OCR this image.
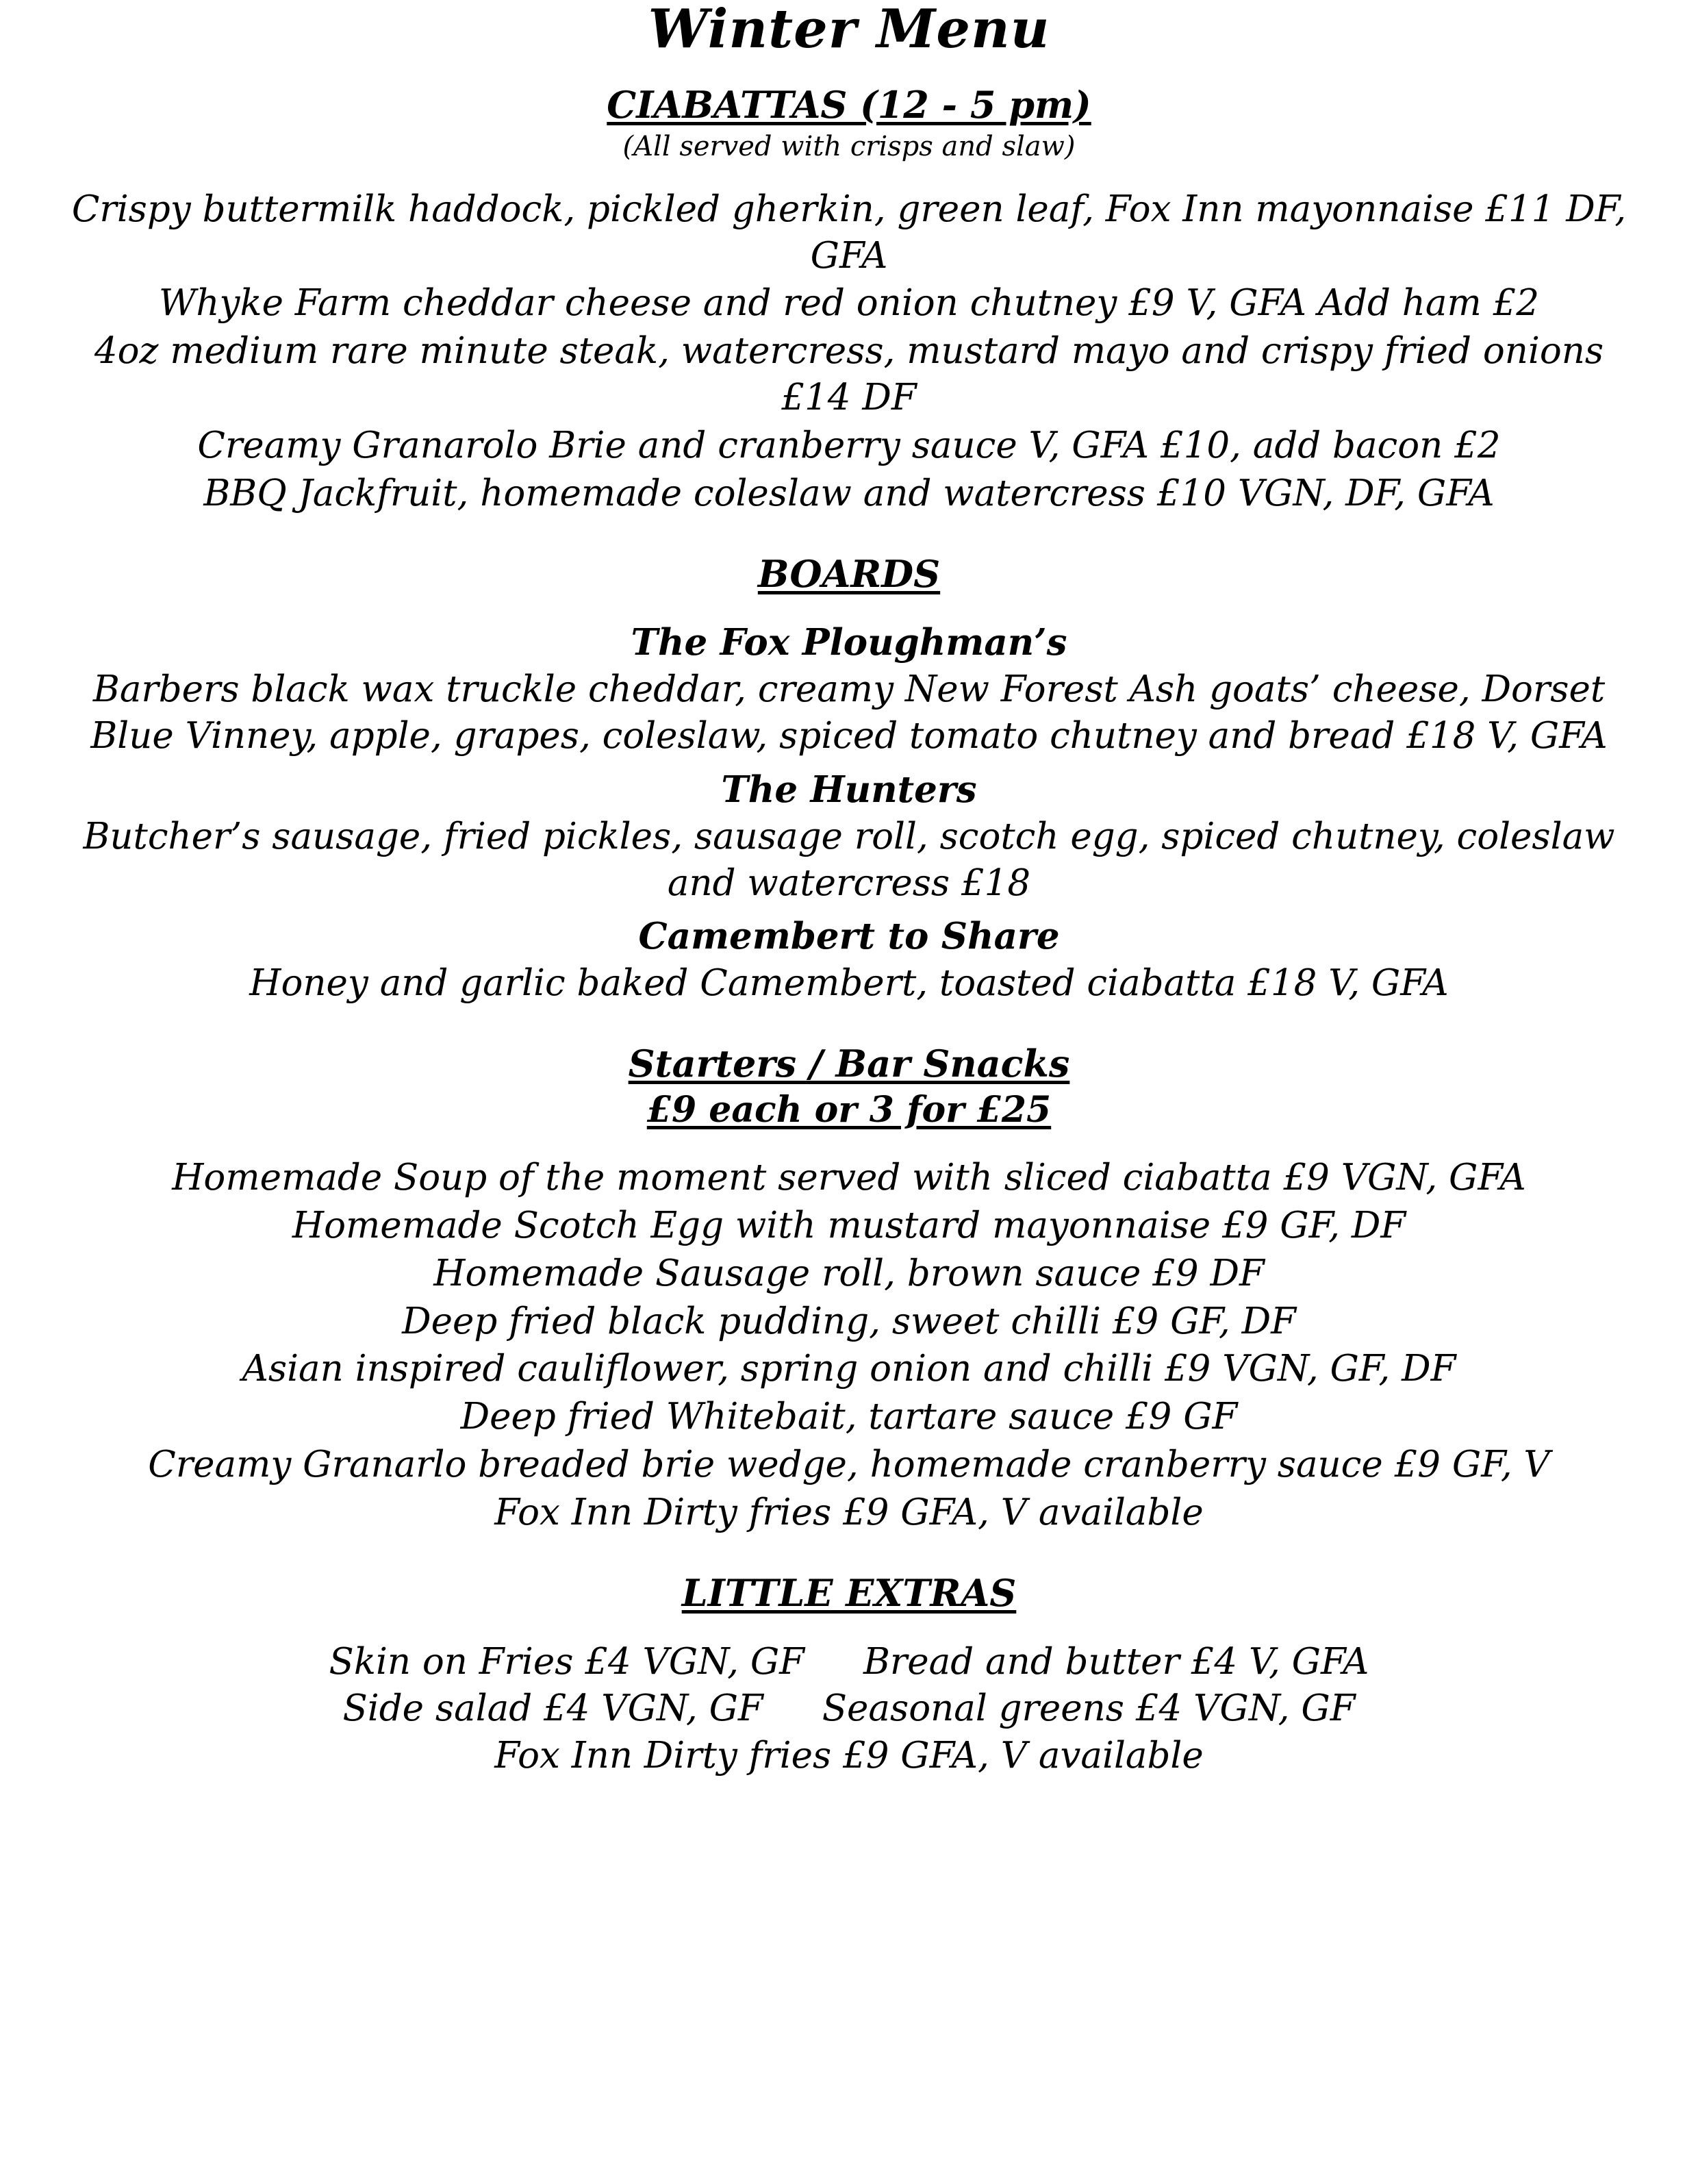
Winter Menu
CIABATTAS (12 - 5 pm)
(All served with crisps and slaw)
Crispy buttermilk haddock, pickled gherkin, green leaf, Fox Inn mayonnaise £11 DF, GFA
Whyke Farm cheddar cheese and red onion chutney £9 V, GFA Add ham £2
4oz medium rare minute steak, watercress, mustard mayo and crispy fried onions £14 DF
Creamy Granarolo Brie and cranberry sauce V, GFA £10, add bacon £2
BBQ Jackfruit, homemade coleslaw and watercress £10 VGN, DF, GFA
BOARDS
The Fox Ploughman’s
Barbers black wax truckle cheddar, creamy New Forest Ash goats’ cheese, Dorset Blue Vinney, apple, grapes, coleslaw, spiced tomato chutney and bread £18 V, GFA
The Hunters
Butcher’s sausage, fried pickles, sausage roll, scotch egg, spiced chutney, coleslaw and watercress £18
Camembert to Share
Honey and garlic baked Camembert, toasted ciabatta £18 V, GFA
Starters / Bar Snacks
£9 each or 3 for £25
Homemade Soup of the moment served with sliced ciabatta £9 VGN, GFA
Homemade Scotch Egg with mustard mayonnaise £9 GF, DF
Homemade Sausage roll, brown sauce £9 DF
Deep fried black pudding, sweet chilli £9 GF, DF
Asian inspired cauliflower, spring onion and chilli £9 VGN, GF, DF
Deep fried Whitebait, tartare sauce £9 GF
Creamy Granarlo breaded brie wedge, homemade cranberry sauce £9 GF, V
Fox Inn Dirty fries £9 GFA, V available
LITTLE EXTRAS
Skin on Fries £4 VGN, GF Bread and butter £4 V, GFA
Side salad £4 VGN, GF Seasonal greens £4 VGN, GF
Fox Inn Dirty fries £9 GFA, V available
